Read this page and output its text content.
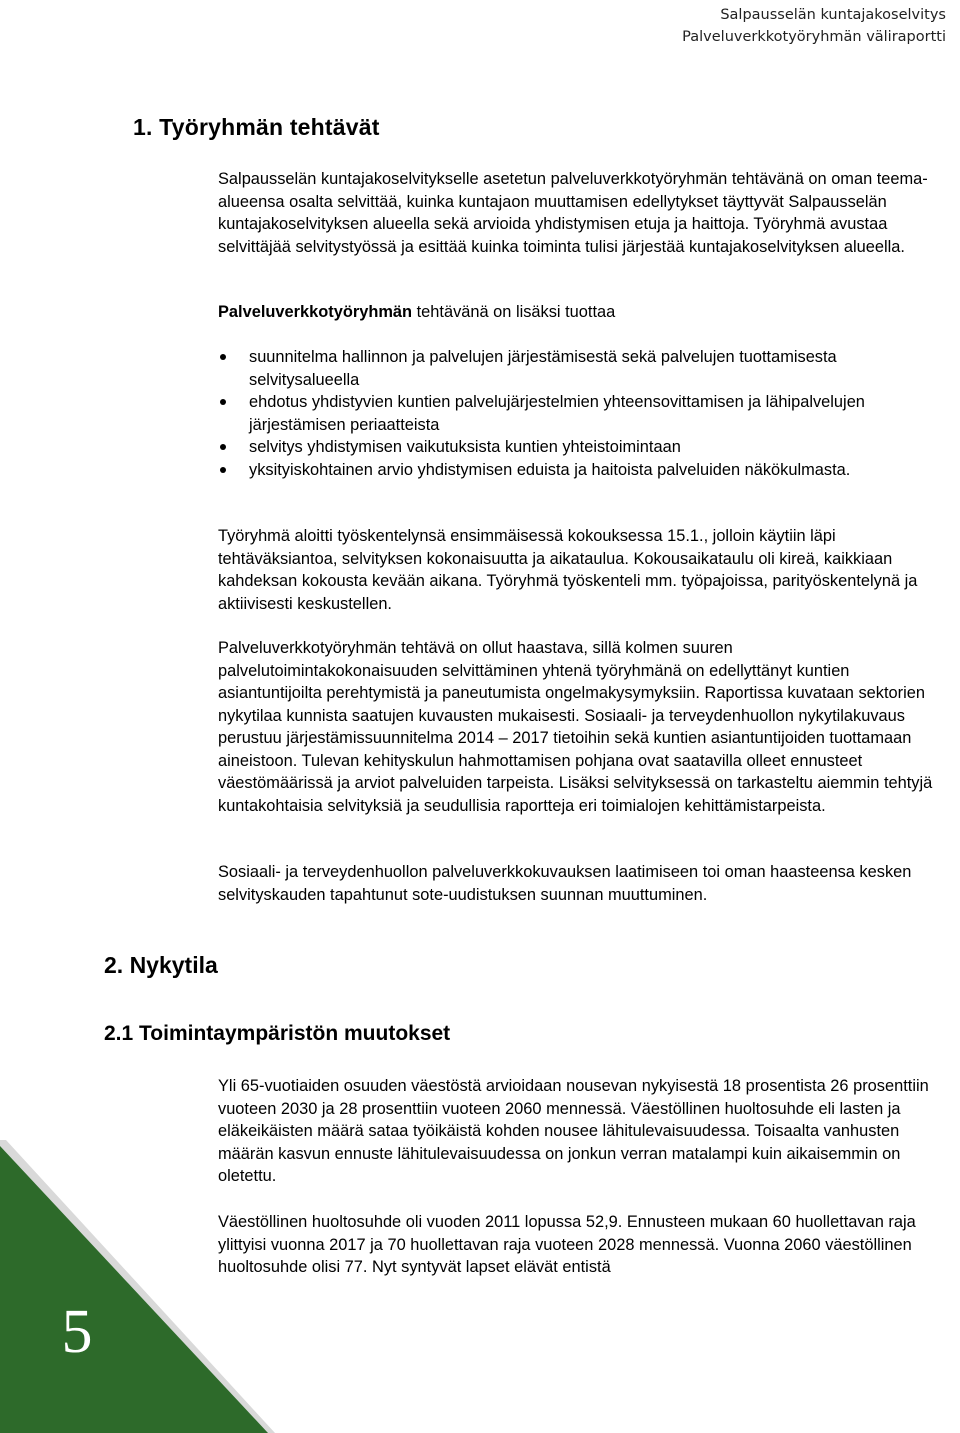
Salpausselän kuntajakoselvitys
Palveluverkkotyöryhmän väliraportti
1. Työryhmän tehtävät

Salpausselän kuntajakoselvitykselle asetetun palveluverkkotyöryhmän tehtävänä on oman teema-alueensa osalta selvittää, kuinka kuntajaon muuttamisen edellytykset täyttyvät Salpausselän kuntajakoselvityksen alueella sekä arvioida yhdistymisen etuja ja haittoja. Työryhmä avustaa selvittäjää selvitystyössä ja esittää kuinka toiminta tulisi järjestää kuntajakoselvityksen alueella.

Palveluverkkotyöryhmän tehtävänä on lisäksi tuottaa

suunnitelma hallinnon ja palvelujen järjestämisestä sekä palvelujen tuottamisesta selvitysalueella
ehdotus yhdistyvien kuntien palvelujärjestelmien yhteensovittamisen ja lähipalvelujen järjestämisen periaatteista
selvitys yhdistymisen vaikutuksista kuntien yhteistoimintaan
yksityiskohtainen arvio yhdistymisen eduista ja haitoista palveluiden näkökulmasta.

Työryhmä aloitti työskentelynsä ensimmäisessä kokouksessa 15.1., jolloin käytiin läpi tehtäväksiantoa, selvityksen kokonaisuutta ja aikataulua. Kokousaikataulu oli kireä, kaikkiaan kahdeksan kokousta kevään aikana. Työryhmä työskenteli mm. työpajoissa, parityöskentelynä ja aktiivisesti keskustellen.

Palveluverkkotyöryhmän tehtävä on ollut haastava, sillä kolmen suuren palvelutoimintakokonaisuuden selvittäminen yhtenä työryhmänä on edellyttänyt kuntien asiantuntijoilta perehtymistä ja paneutumista ongelmakysymyksiin. Raportissa kuvataan sektorien nykytilaa kunnista saatujen kuvausten mukaisesti. Sosiaali- ja terveydenhuollon nykytilakuvaus perustuu järjestämissuunnitelma 2014 – 2017 tietoihin sekä kuntien asiantuntijoiden tuottamaan aineistoon. Tulevan kehityskulun hahmottamisen pohjana ovat saatavilla olleet ennusteet väestömäärissä ja arviot palveluiden tarpeista. Lisäksi selvityksessä on tarkasteltu aiemmin tehtyjä kuntakohtaisia selvityksiä ja seudullisia raportteja eri toimialojen kehittämistarpeista.

Sosiaali- ja terveydenhuollon palveluverkkokuvauksen laatimiseen toi oman haasteensa kesken selvityskauden tapahtunut sote-uudistuksen suunnan muuttuminen.

2. Nykytila
2.1 Toimintaympäristön muutokset

Yli 65-vuotiaiden osuuden väestöstä arvioidaan nousevan nykyisestä 18 prosentista 26 prosenttiin vuoteen 2030 ja 28 prosenttiin vuoteen 2060 mennessä. Väestöllinen huoltosuhde eli lasten ja eläkeikäisten määrä sataa työikäistä kohden nousee lähitulevaisuudessa. Toisaalta vanhusten määrän kasvun ennuste lähitulevaisuudessa on jonkun verran matalampi kuin aikaisemmin on oletettu.

Väestöllinen huoltosuhde oli vuoden 2011 lopussa 52,9. Ennusteen mukaan 60 huollettavan raja ylittyisi vuonna 2017 ja 70 huollettavan raja vuoteen 2028 mennessä. Vuonna 2060 väestöllinen huoltosuhde olisi 77. Nyt syntyvät lapset elävät entistä

5
